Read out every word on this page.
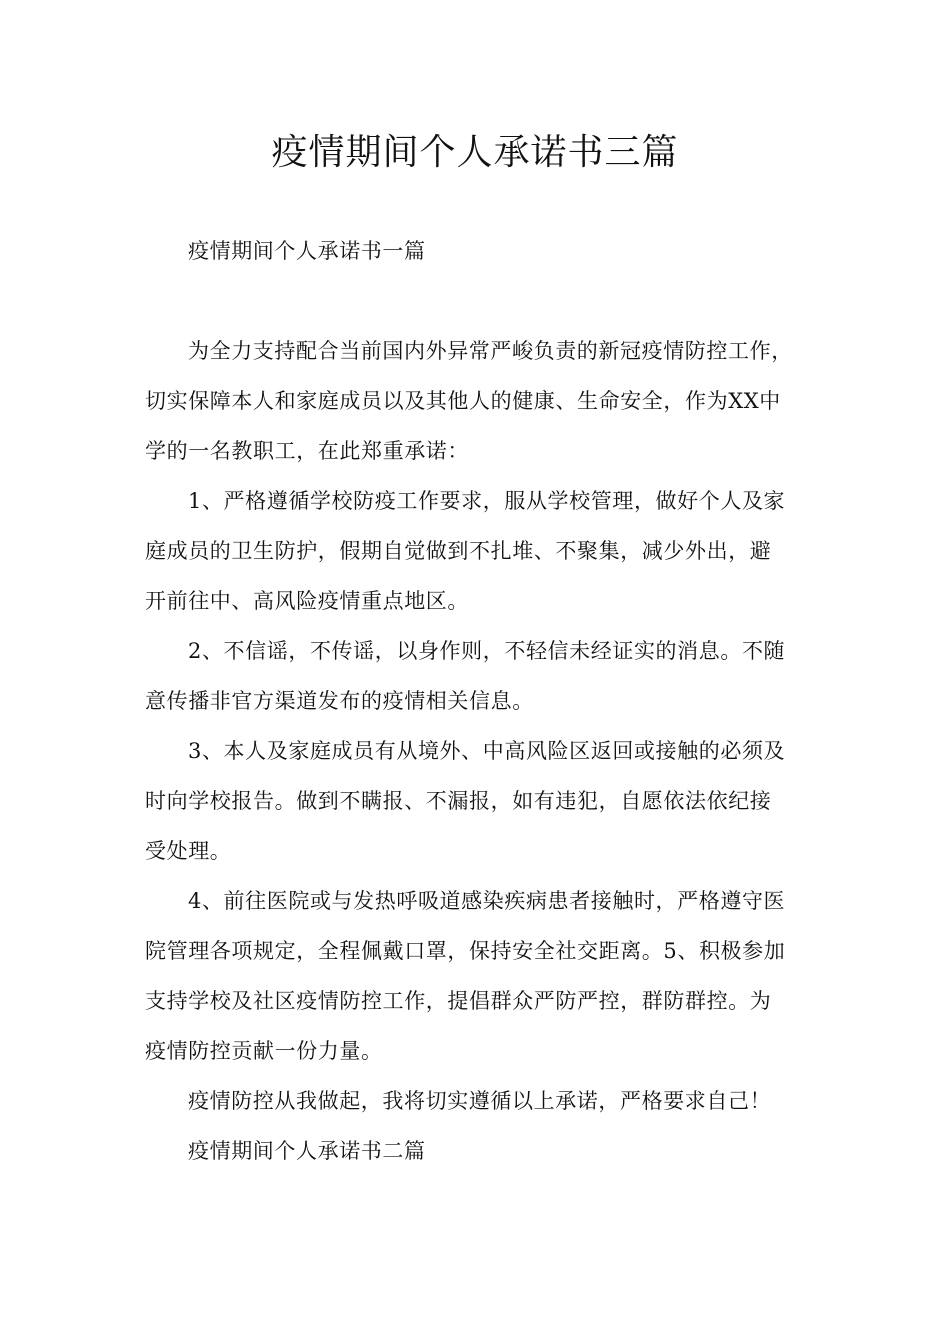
疫情期间个人承诺书三篇
疫情期间个人承诺书一篇
为全力支持配合当前国内外异常严峻负责的新冠疫情防控工作，
切实保障本人和家庭成员以及其他人的健康、生命安全，作为XX中
学的一名教职工，在此郑重承诺：
1、严格遵循学校防疫工作要求，服从学校管理，做好个人及家
庭成员的卫生防护，假期自觉做到不扎堆、不聚集，减少外出，避
开前往中、高风险疫情重点地区。
2、不信谣，不传谣，以身作则，不轻信未经证实的消息。不随
意传播非官方渠道发布的疫情相关信息。
3、本人及家庭成员有从境外、中高风险区返回或接触的必须及
时向学校报告。做到不瞒报、不漏报，如有违犯，自愿依法依纪接
受处理。
4、前往医院或与发热呼吸道感染疾病患者接触时，严格遵守医
院管理各项规定，全程佩戴口罩，保持安全社交距离。5、积极参加
支持学校及社区疫情防控工作，提倡群众严防严控，群防群控。为
疫情防控贡献一份力量。
疫情防控从我做起，我将切实遵循以上承诺，严格要求自己！
疫情期间个人承诺书二篇
